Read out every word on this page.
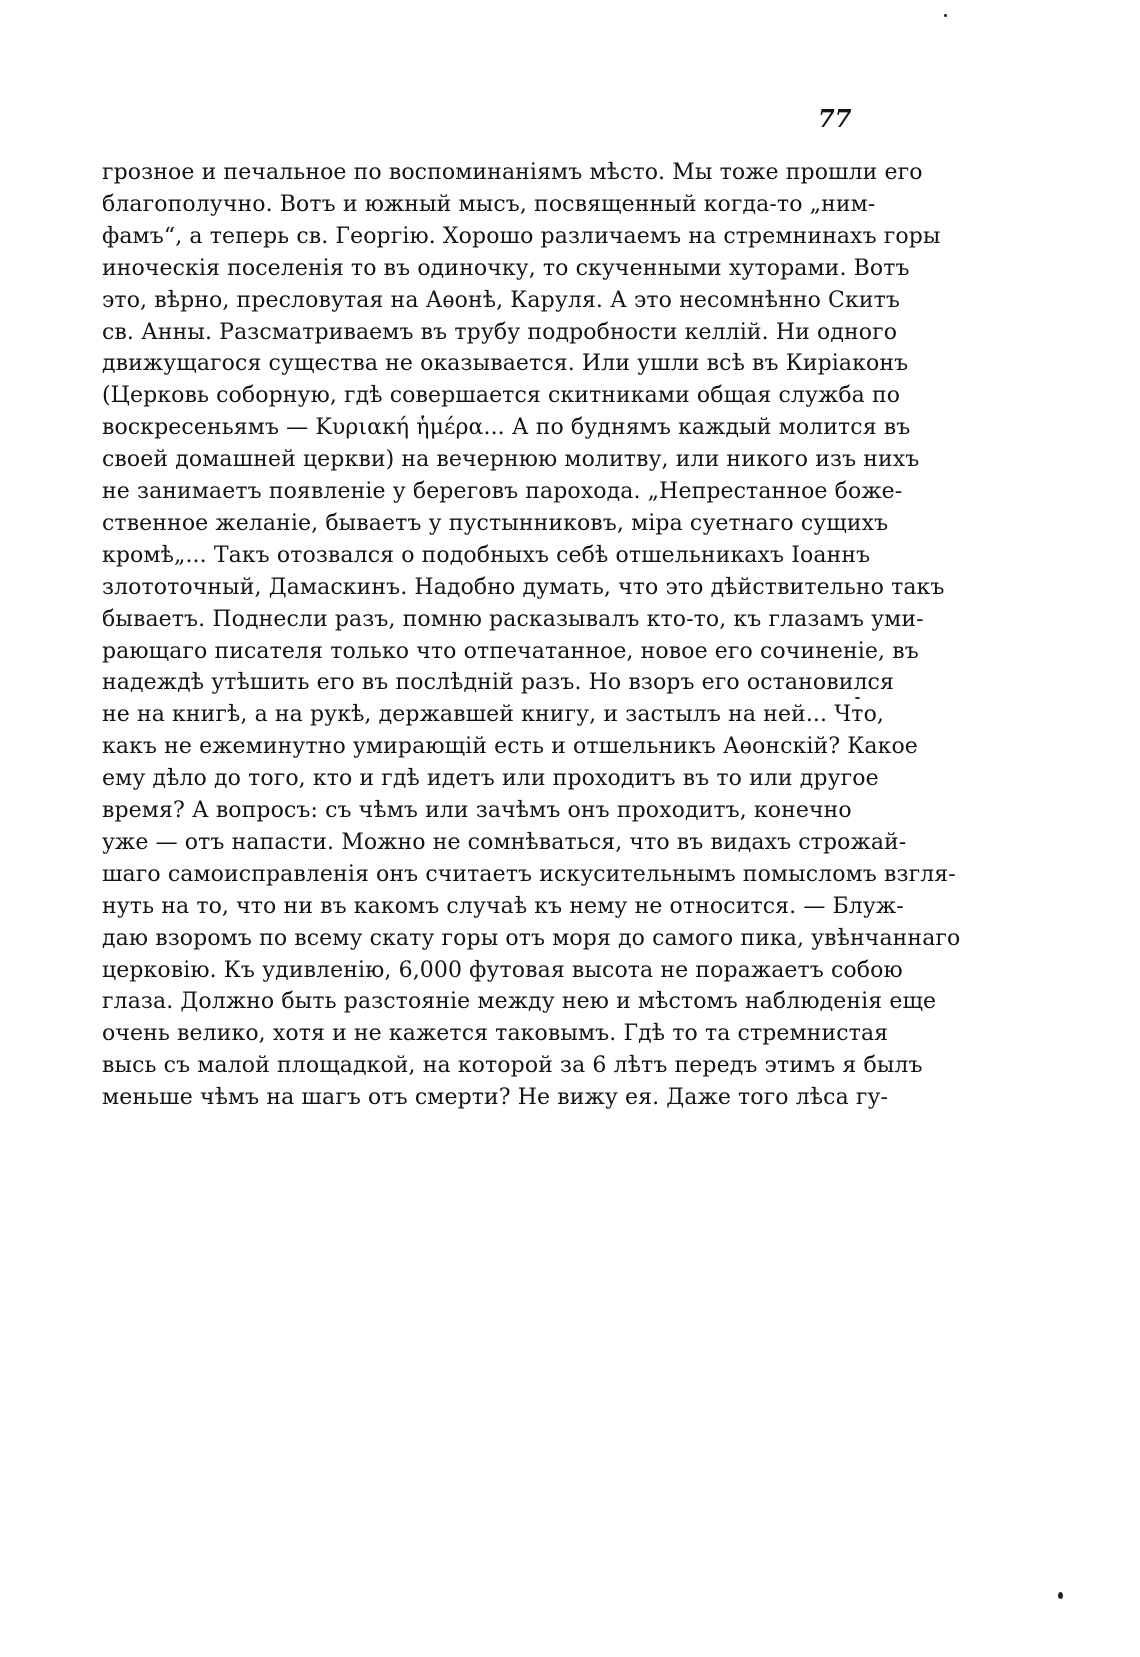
77
грозное и печальное по воспоминаніямъ мѣсто. Мы тоже прошли его
благополучно. Вотъ и южный мысъ, посвященный когда-то „ним-
фамъ“, а теперь св. Георгію. Хорошо различаемъ на стремнинахъ горы
иноческія поселенія то въ одиночку, то скученными хуторами. Вотъ
это, вѣрно, пресловутая на Аѳонѣ, Каруля. А это несомнѣнно Скитъ
св. Анны. Разсматриваемъ въ трубу подробности келлій. Ни одного
движущагося существа не оказывается. Или ушли всѣ въ Кирiаконъ
(Церковь соборную, гдѣ совершается скитниками общая служба по
воскресеньямъ — Κυριακή ἡμέρα... А по буднямъ каждый молится въ
своей домашней церкви) на вечернюю молитву, или никого изъ нихъ
не занимаетъ появленіе у береговъ парохода. „Непрестанное боже-
ственное желаніе, бываетъ у пустынниковъ, міра суетнаго сущихъ
кромѣ„... Такъ отозвался о подобныхъ себѣ отшельникахъ Іоаннъ
злототочный, Дамаскинъ. Надобно думать, что это дѣйствительно такъ
бываетъ. Поднесли разъ, помню расказывалъ кто-то, къ глазамъ уми-
рающаго писателя только что отпечатанное, новое его сочиненіе, въ
надеждѣ утѣшить его въ послѣдній разъ. Но взоръ его остановился
не на книгѣ, а на рукѣ, державшей книгу, и застылъ на ней... Что,
какъ не ежеминутно умирающій есть и отшельникъ Аѳонскій? Какое
ему дѣло до того, кто и гдѣ идетъ или проходитъ въ то или другое
время? А вопросъ: съ чѣмъ или зачѣмъ онъ проходитъ, конечно
уже — отъ напасти. Можно не сомнѣваться, что въ видахъ строжай-
шаго самоисправленія онъ считаетъ искусительнымъ помысломъ взгля-
нуть на то, что ни въ какомъ случаѣ къ нему не относится. — Блуж-
даю взоромъ по всему скату горы отъ моря до самого пика, увѣнчаннаго
церковію. Къ удивленію, 6,000 футовая высота не поражаетъ собою
глаза. Должно быть разстояніе между нею и мѣстомъ наблюденія еще
очень велико, хотя и не кажется таковымъ. Гдѣ то та стремнистая
высь съ малой площадкой, на которой за 6 лѣтъ передъ этимъ я былъ
меньше чѣмъ на шагъ отъ смерти? Не вижу ея. Даже того лѣса гу-
